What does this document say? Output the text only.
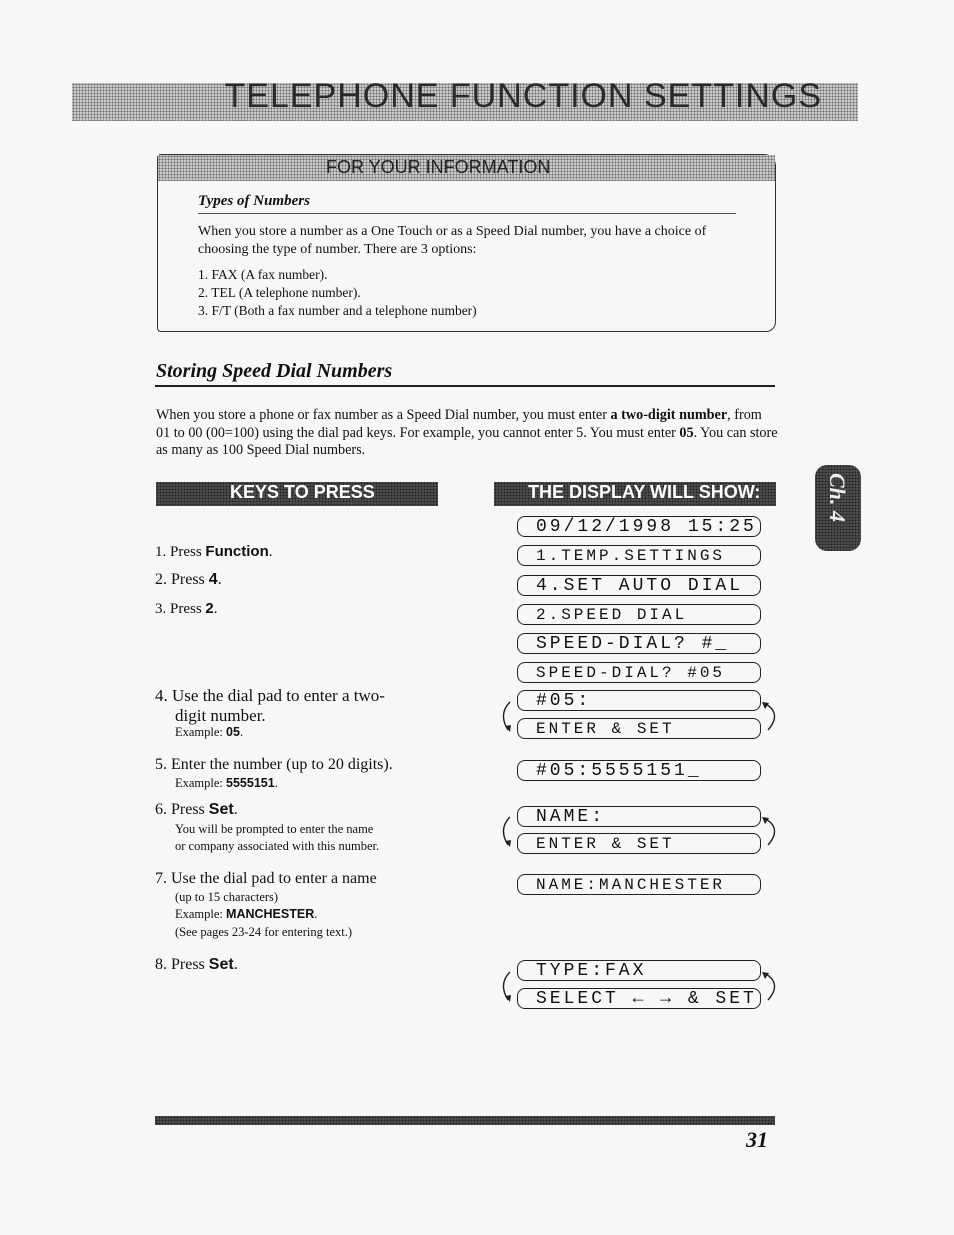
TELEPHONE FUNCTION SETTINGS
FOR YOUR INFORMATION
Types of Numbers
When you store a number as a One Touch or as a Speed Dial number, you have a choice of choosing the type of number. There are 3 options:
1. FAX (A fax number).
2. TEL (A telephone number).
3. F/T (Both a fax number and a telephone number)
Storing Speed Dial Numbers
When you store a phone or fax number as a Speed Dial number, you must enter a two-digit number, from 01 to 00 (00=100) using the dial pad keys. For example, you cannot enter 5. You must enter 05. You can store as many as 100 Speed Dial numbers.
KEYS TO PRESS	THE DISPLAY WILL SHOW:
1. Press Function.
2. Press 4.
3. Press 2.
4. Use the dial pad to enter a two-
digit number.
Example: 05.
5. Enter the number (up to 20 digits).
Example: 5555151.
6. Press Set.
You will be prompted to enter the name
or company associated with this number.
7. Use the dial pad to enter a name
(up to 15 characters)
Example: MANCHESTER.
(See pages 23-24 for entering text.)
8. Press Set.
09/12/1998 15:25
1.TEMP.SETTINGS
4.SET AUTO DIAL
2.SPEED DIAL
SPEED-DIAL? #_
SPEED-DIAL? #05
#05:
ENTER & SET
#05:5555151_
NAME:
ENTER & SET
NAME:MANCHESTER
TYPE:FAX
SELECT ← → & SET
Ch. 4
31
